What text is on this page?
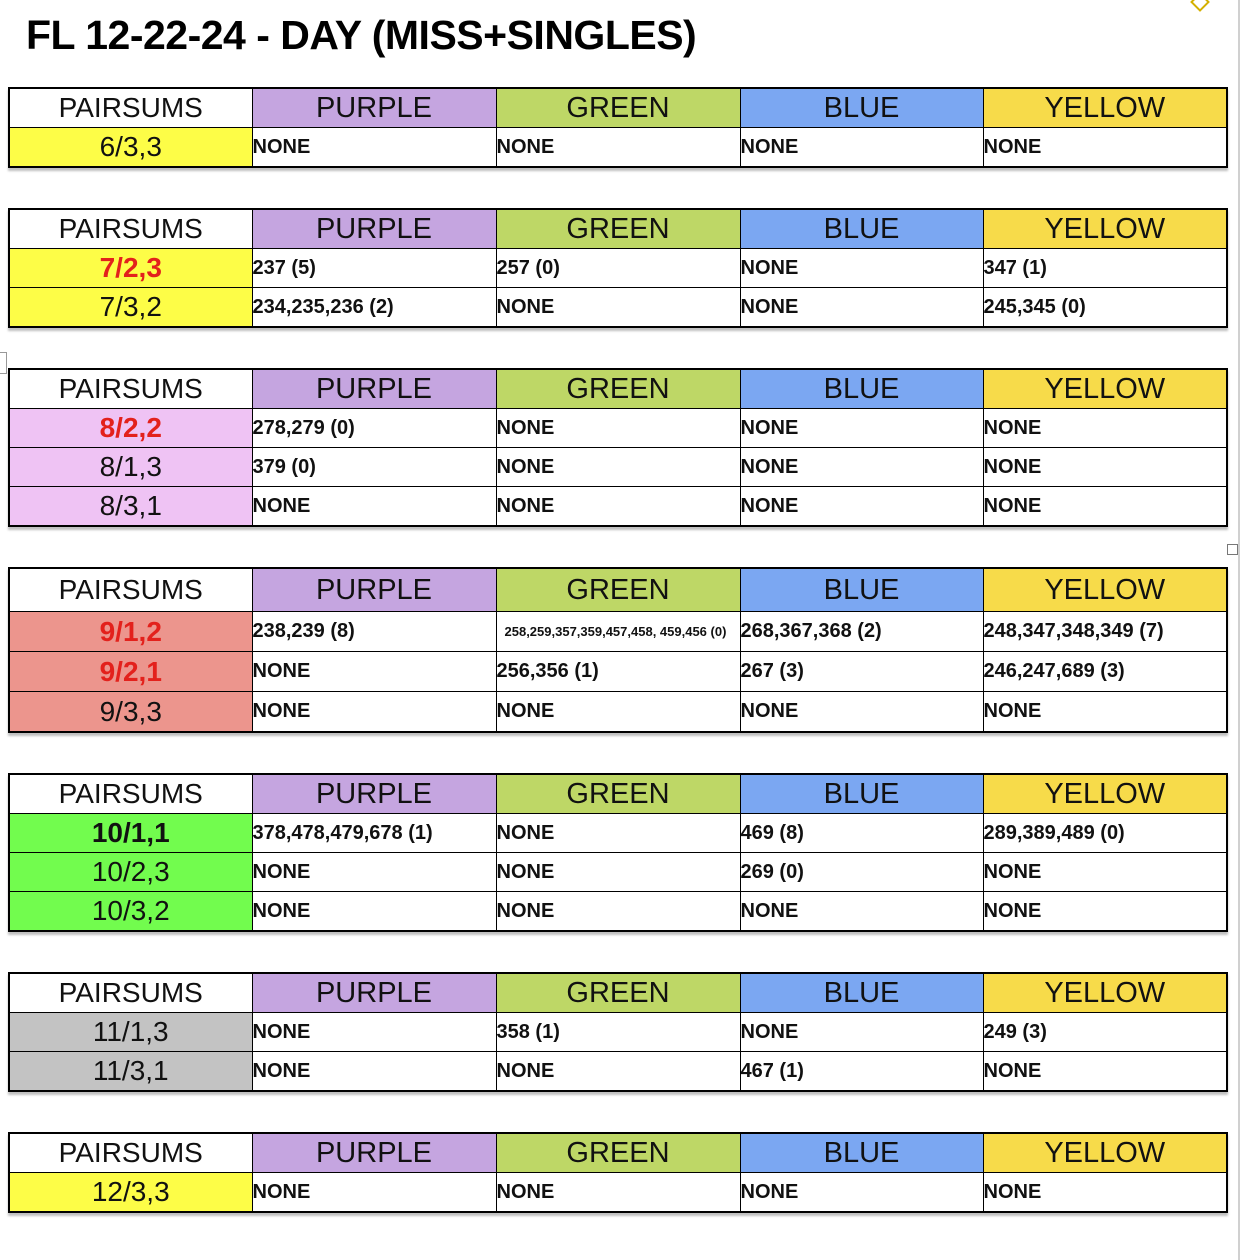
FL 12-22-24 - DAY (MISS+SINGLES)
PAIRSUMS	PURPLE	GREEN	BLUE	YELLOW
6/3,3	NONE	NONE	NONE	NONE
PAIRSUMS	PURPLE	GREEN	BLUE	YELLOW
7/2,3	237 (5)	257 (0)	NONE	347 (1)
7/3,2	234,235,236 (2)	NONE	NONE	245,345 (0)
PAIRSUMS	PURPLE	GREEN	BLUE	YELLOW
8/2,2	278,279 (0)	NONE	NONE	NONE
8/1,3	379 (0)	NONE	NONE	NONE
8/3,1	NONE	NONE	NONE	NONE
PAIRSUMS	PURPLE	GREEN	BLUE	YELLOW
9/1,2	238,239 (8)	258,259,357,359,457,458, 459,456 (0)	268,367,368 (2)	248,347,348,349 (7)
9/2,1	NONE	256,356 (1)	267 (3)	246,247,689 (3)
9/3,3	NONE	NONE	NONE	NONE
PAIRSUMS	PURPLE	GREEN	BLUE	YELLOW
10/1,1	378,478,479,678 (1)	NONE	469 (8)	289,389,489 (0)
10/2,3	NONE	NONE	269 (0)	NONE
10/3,2	NONE	NONE	NONE	NONE
PAIRSUMS	PURPLE	GREEN	BLUE	YELLOW
11/1,3	NONE	358 (1)	NONE	249 (3)
11/3,1	NONE	NONE	467 (1)	NONE
PAIRSUMS	PURPLE	GREEN	BLUE	YELLOW
12/3,3	NONE	NONE	NONE	NONE
